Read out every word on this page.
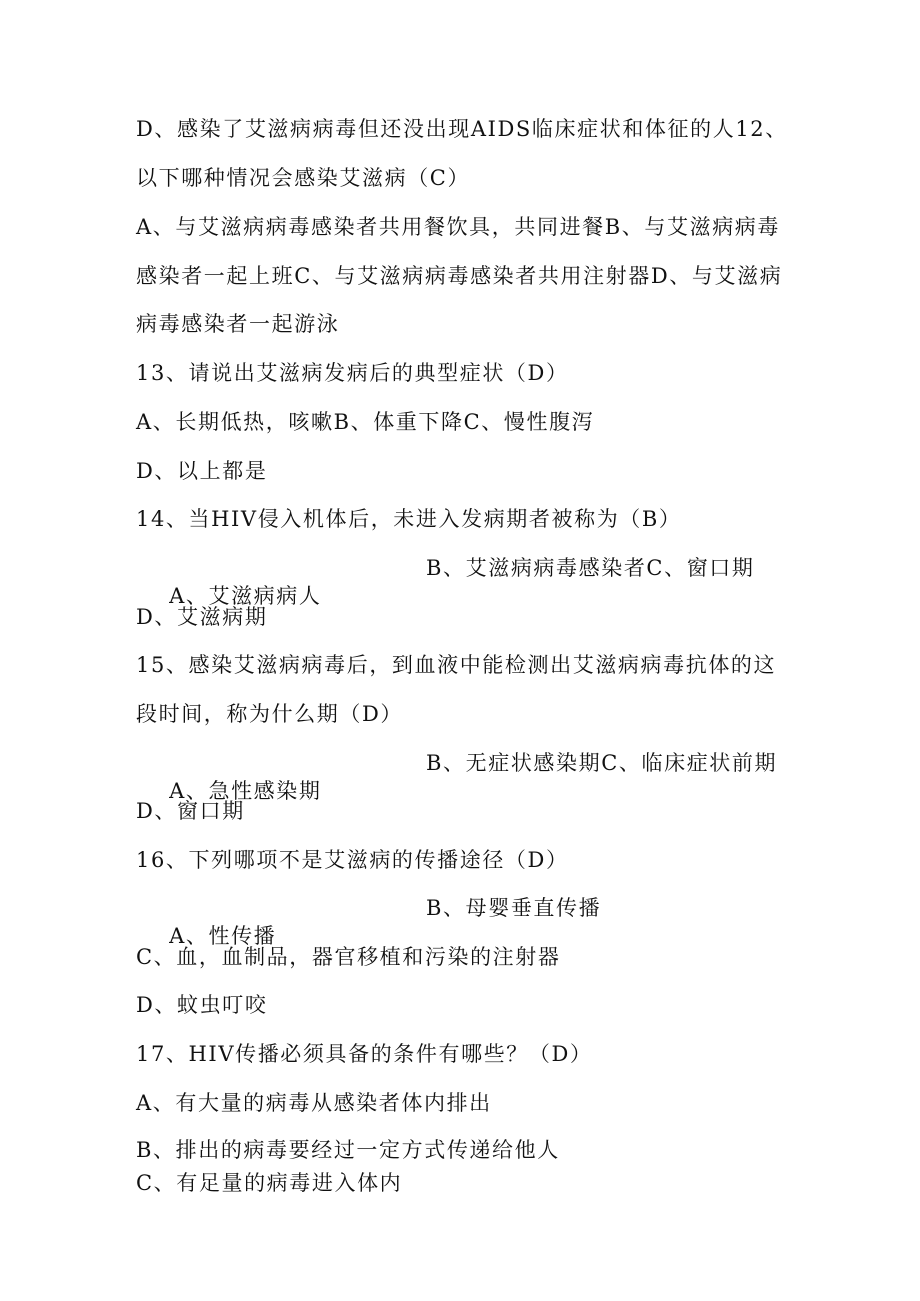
D、感染了艾滋病病毒但还没出现AIDS临床症状和体征的人12、
以下哪种情况会感染艾滋病（C）
A、与艾滋病病毒感染者共用餐饮具，共同进餐B、与艾滋病病毒
感染者一起上班C、与艾滋病病毒感染者共用注射器D、与艾滋病
病毒感染者一起游泳
13、请说出艾滋病发病后的典型症状（D）
A、长期低热，咳嗽B、体重下降C、慢性腹泻
D、以上都是
14、当HIV侵入机体后，未进入发病期者被称为（B）

A、艾滋病病人

B、艾滋病病毒感染者C、窗口期

D、艾滋病期
15、感染艾滋病病毒后，到血液中能检测出艾滋病病毒抗体的这
段时间，称为什么期（D）

A、急性感染期

B、无症状感染期C、临床症状前期

D、窗口期
16、下列哪项不是艾滋病的传播途径（D）

A、性传播

B、母婴垂直传播

C、血，血制品，器官移植和污染的注射器
D、蚊虫叮咬
17、HIV传播必须具备的条件有哪些？（D）
A、有大量的病毒从感染者体内排出
B、排出的病毒要经过一定方式传递给他人
C、有足量的病毒进入体内
